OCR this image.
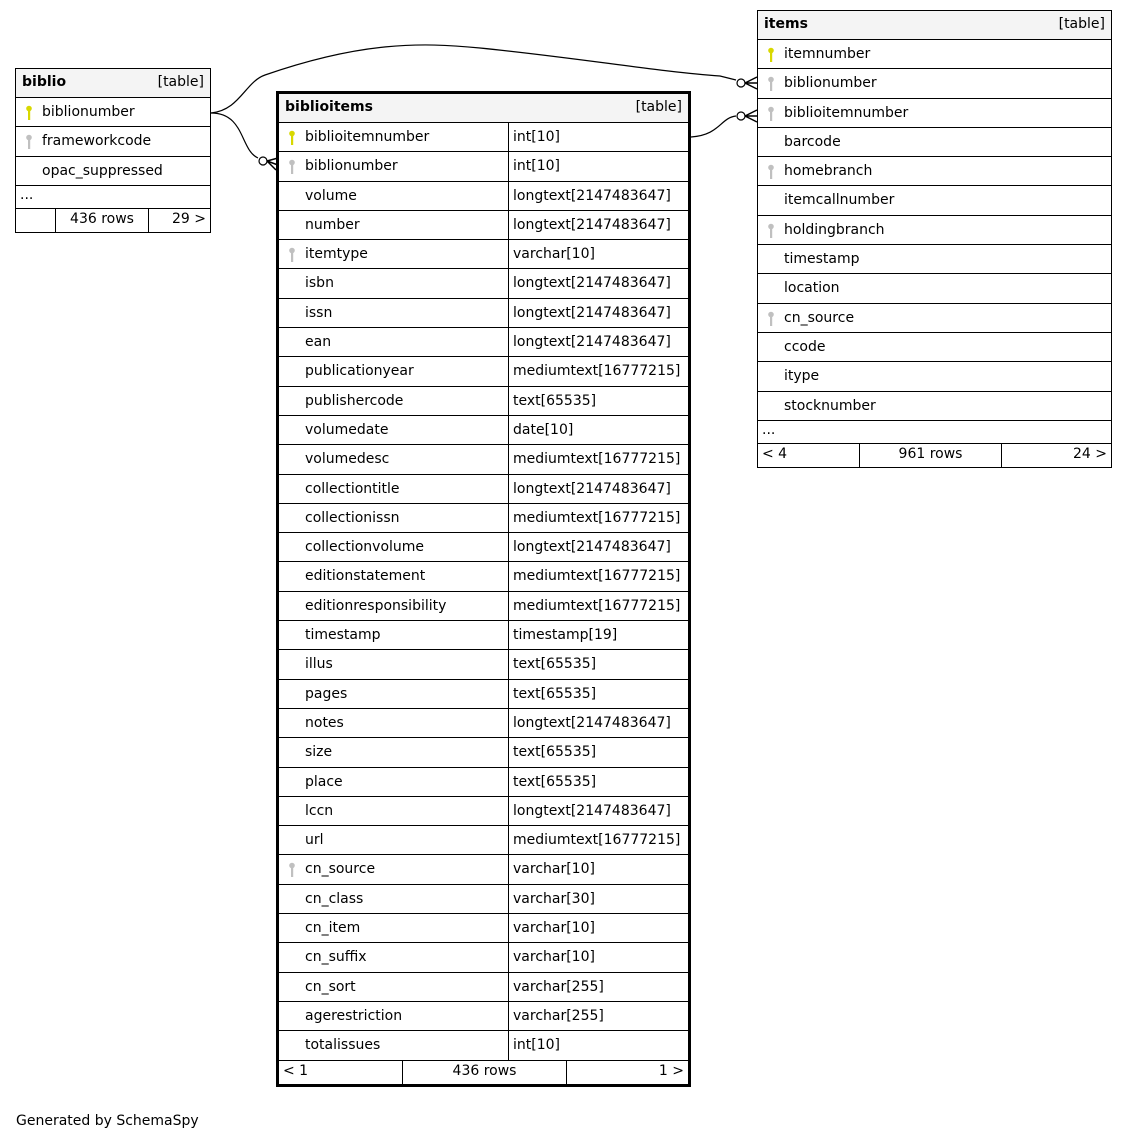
biblio	[table]
biblionumber
frameworkcode
opac_suppressed
...
436 rows	29 >
biblioitems	[table]
biblioitemnumber	int[10]
biblionumber	int[10]
volume	longtext[2147483647]
number	longtext[2147483647]
itemtype	varchar[10]
isbn	longtext[2147483647]
issn	longtext[2147483647]
ean	longtext[2147483647]
publicationyear	mediumtext[16777215]
publishercode	text[65535]
volumedate	date[10]
volumedesc	mediumtext[16777215]
collectiontitle	longtext[2147483647]
collectionissn	mediumtext[16777215]
collectionvolume	longtext[2147483647]
editionstatement	mediumtext[16777215]
editionresponsibility	mediumtext[16777215]
timestamp	timestamp[19]
illus	text[65535]
pages	text[65535]
notes	longtext[2147483647]
size	text[65535]
place	text[65535]
lccn	longtext[2147483647]
url	mediumtext[16777215]
cn_source	varchar[10]
cn_class	varchar[30]
cn_item	varchar[10]
cn_suffix	varchar[10]
cn_sort	varchar[255]
agerestriction	varchar[255]
totalissues	int[10]
< 1	436 rows	1 >
items	[table]
itemnumber
biblionumber
biblioitemnumber
barcode
homebranch
itemcallnumber
holdingbranch
timestamp
location
cn_source
ccode
itype
stocknumber
...
< 4	961 rows	24 >
Generated by SchemaSpy
